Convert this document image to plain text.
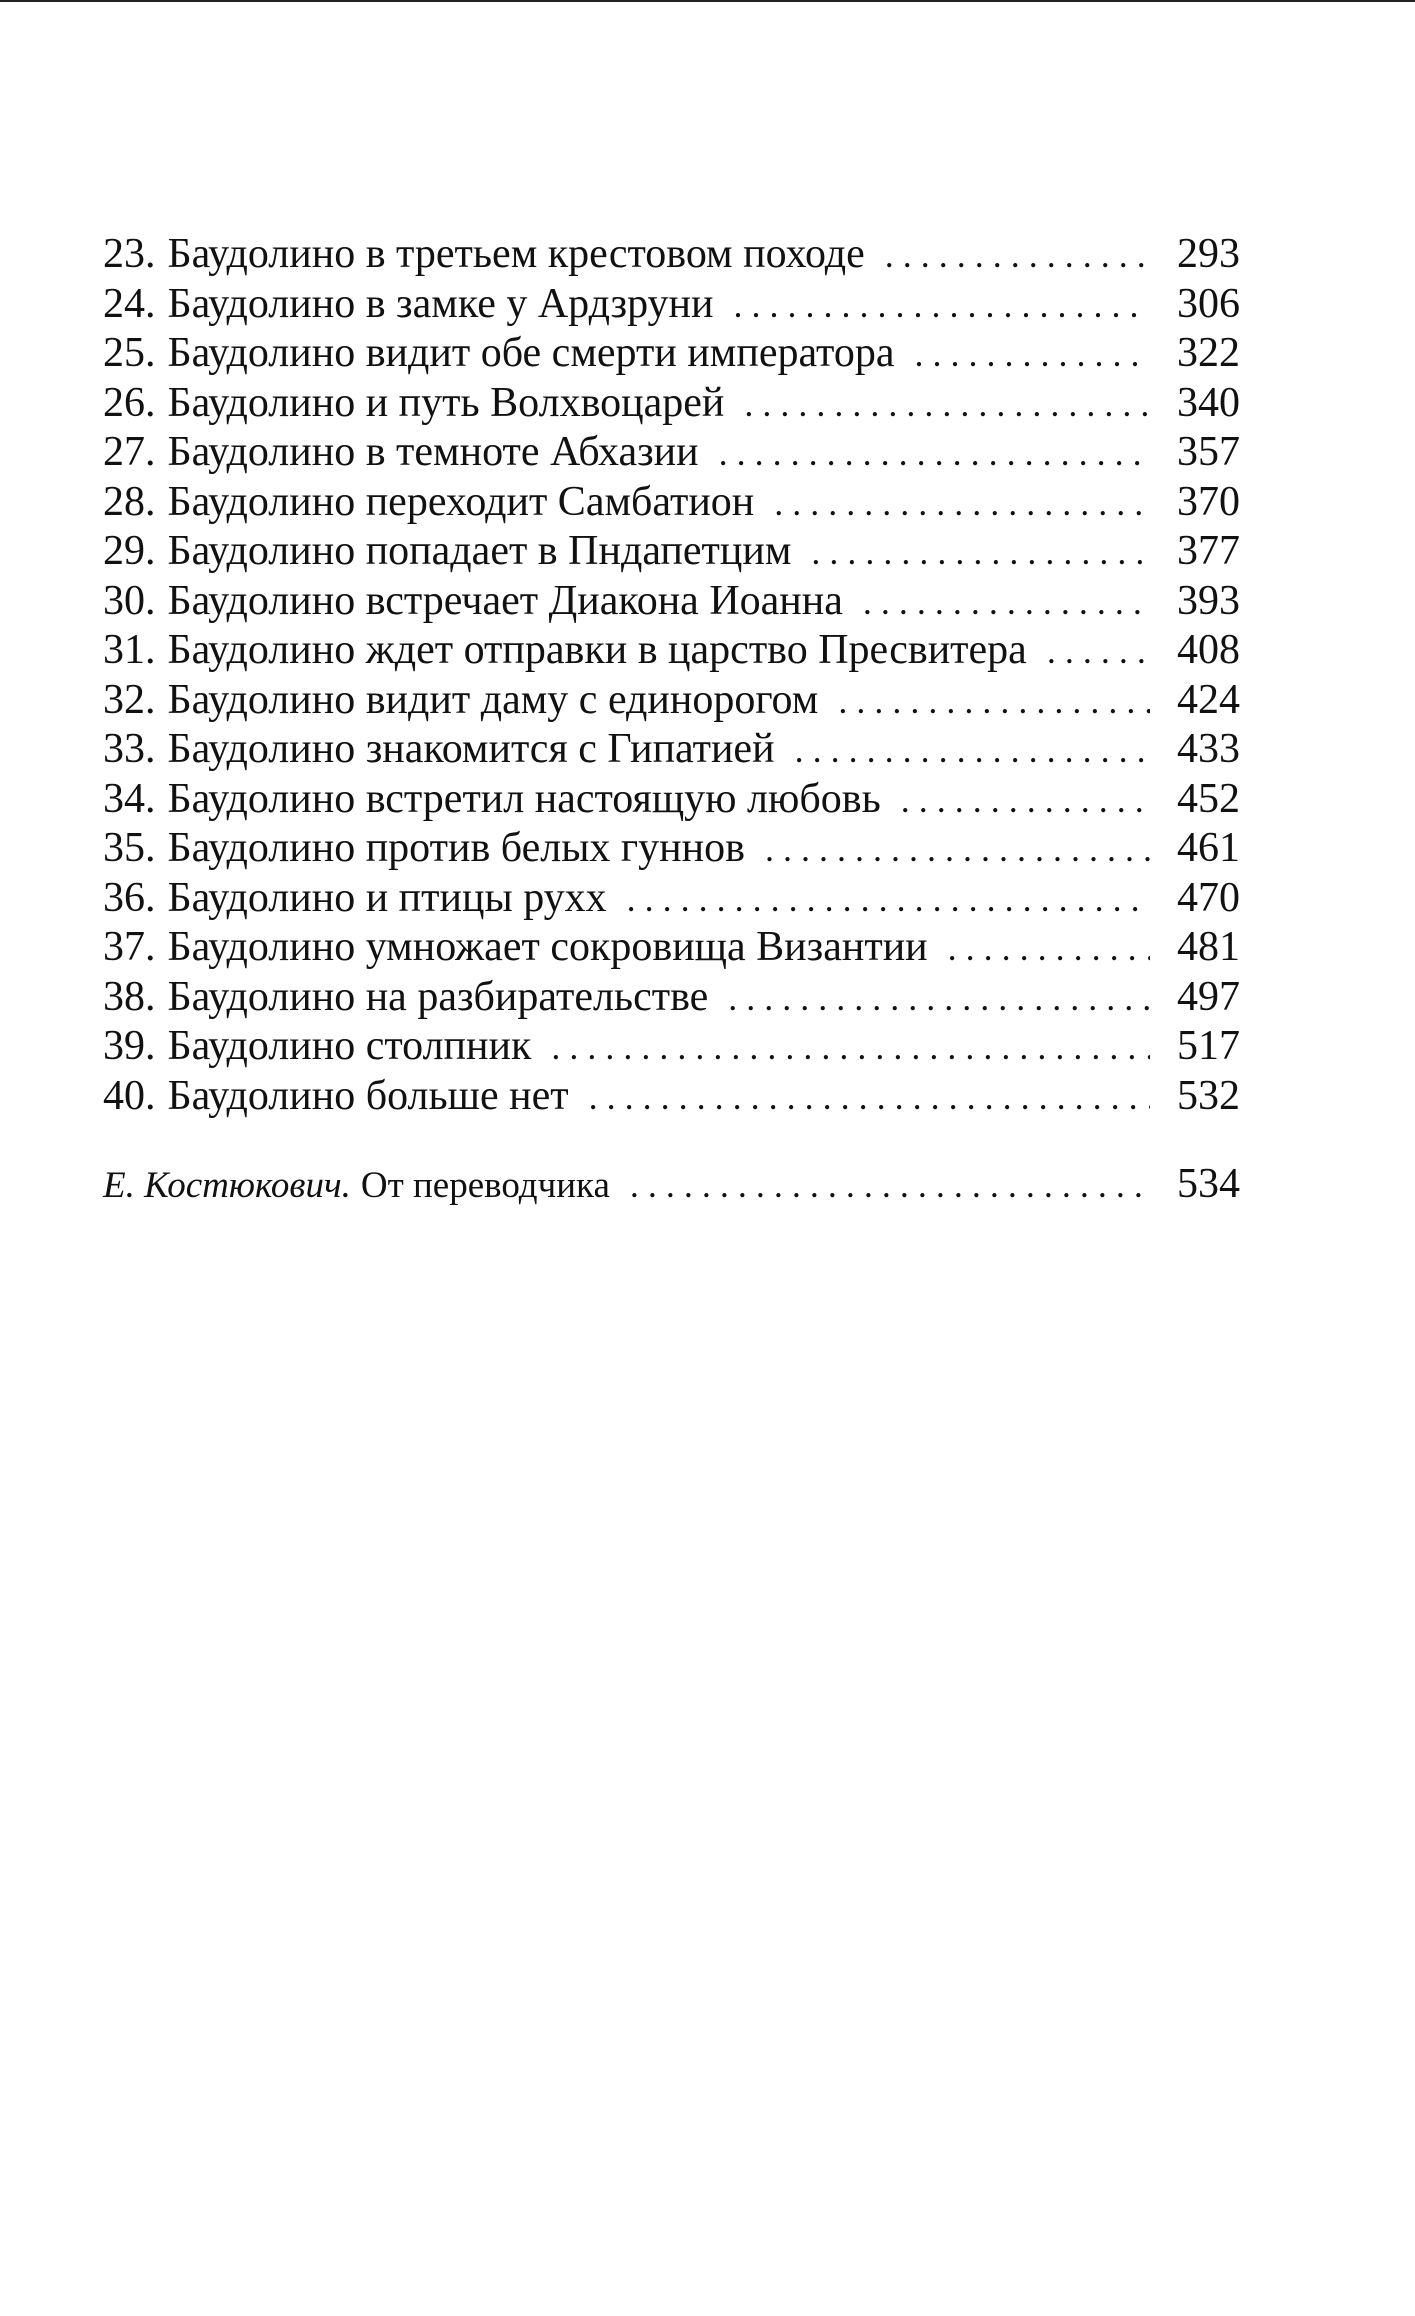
23. Баудолино в третьем крестовом походе . . .	293
24. Баудолино в замке у Ардзруни . . .	306
25. Баудолино видит обе смерти императора . . .	322
26. Баудолино и путь Волхвоцарей . . .	340
27. Баудолино в темноте Абхазии . . .	357
28. Баудолино переходит Самбатион . . .	370
29. Баудолино попадает в Пндапетцим . . .	377
30. Баудолино встречает Диакона Иоанна . . .	393
31. Баудолино ждет отправки в царство Пресвитера . . .	408
32. Баудолино видит даму с единорогом . . .	424
33. Баудолино знакомится с Гипатией . . .	433
34. Баудолино встретил настоящую любовь . . .	452
35. Баудолино против белых гуннов . . .	461
36. Баудолино и птицы рухх . . .	470
37. Баудолино умножает сокровища Византии . . .	481
38. Баудолино на разбирательстве . . .	497
39. Баудолино столпник . . .	517
40. Баудолино больше нет . . .	532
Е. Костюкович. От переводчика . . .	534
